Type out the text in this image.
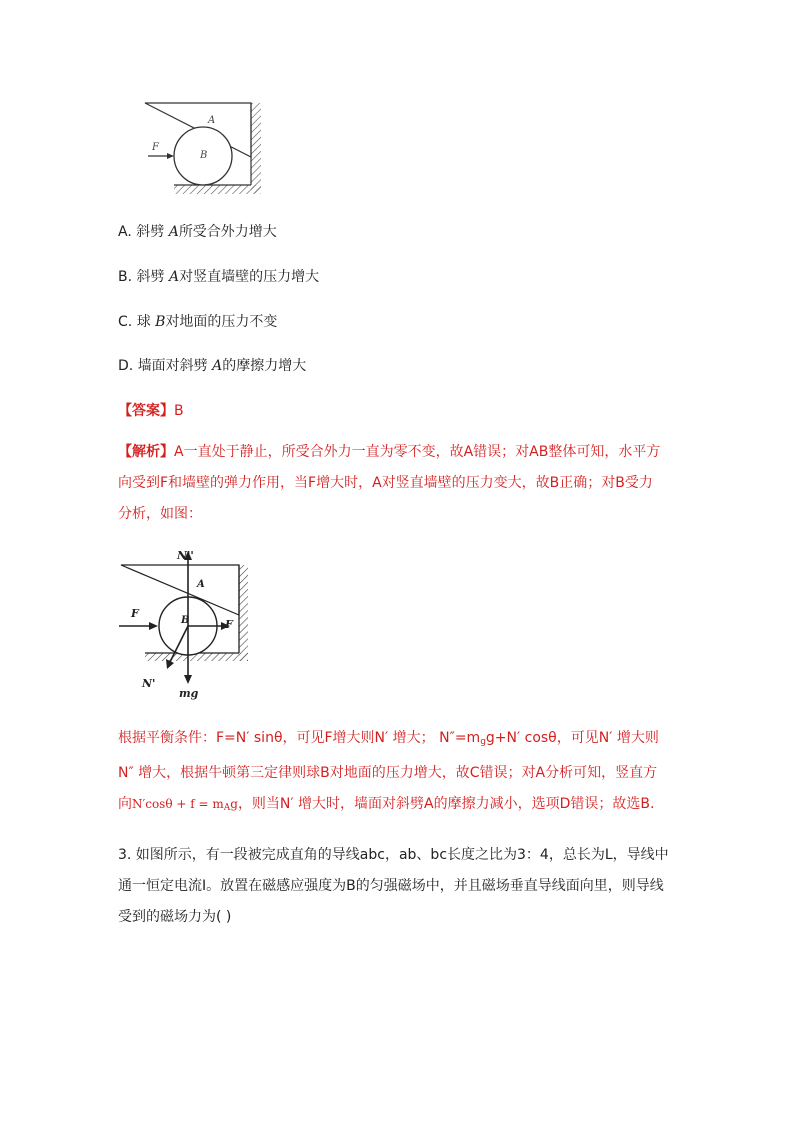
A
B
F
A. 斜劈 A所受合外力增大
B. 斜劈 A对竖直墙壁的压力增大
C. 球 B对地面的压力不变
D. 墙面对斜劈 A的摩擦力增大
【答案】B
【解析】A一直处于静止，所受合外力一直为零不变，故A错误；对AB整体可知，水平方
向受到F和墙壁的弹力作用，当F增大时，A对竖直墙壁的压力变大，故B正确；对B受力
分析，如图：
N''
A
B
F
F
N'
mg
根据平衡条件：F=N′ sinθ，可见F增大则N′ 增大； $N''=m_gg+N'$ cosθ，可见N′ 增大则
N″ 增大，根据牛顿第三定律则球B对地面的压力增大，故C错误；对A分析可知，竖直方
向$N'\cos\theta + f = m_Ag$，则当N′ 增大时，墙面对斜劈A的摩擦力减小，选项D错误；故选B.
3. 如图所示，有一段被完成直角的导线abc，ab、bc长度之比为3：4，总长为L，导线中
通一恒定电流I。放置在磁感应强度为B的匀强磁场中，并且磁场垂直导线面向里，则导线
受到的磁场力为( )
